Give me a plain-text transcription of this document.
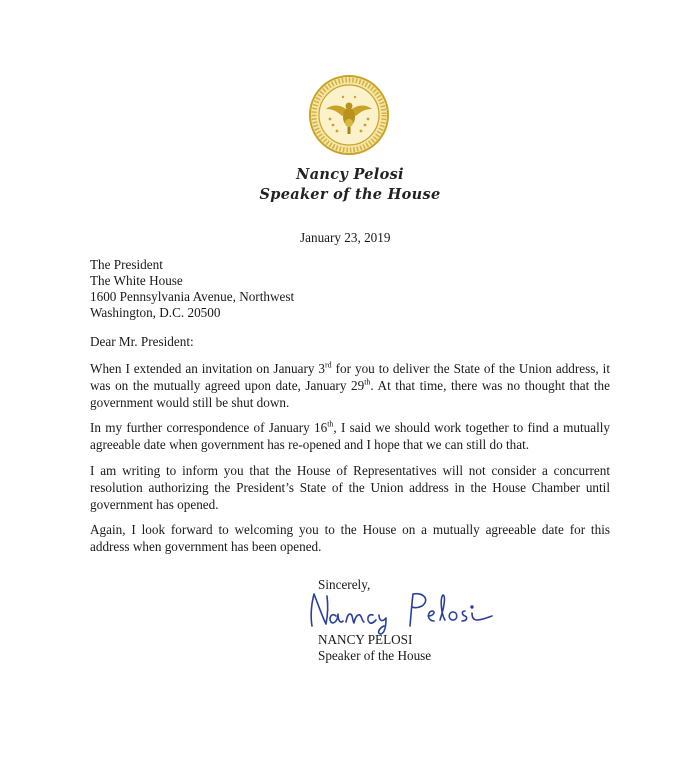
Nancy Pelosi
Speaker of the House
January 23, 2019
The President
The White House
1600 Pennsylvania Avenue, Northwest
Washington, D.C. 20500
Dear Mr. President:
When I extended an invitation on January 3rd for you to deliver the State of the Union address, it was on the mutually agreed upon date, January 29th. At that time, there was no thought that the government would still be shut down.
In my further correspondence of January 16th, I said we should work together to find a mutually agreeable date when government has re-opened and I hope that we can still do that.
I am writing to inform you that the House of Representatives will not consider a concurrent resolution authorizing the President’s State of the Union address in the House Chamber until government has opened.
Again, I look forward to welcoming you to the House on a mutually agreeable date for this address when government has been opened.
Sincerely,
NANCY PELOSI
Speaker of the House
